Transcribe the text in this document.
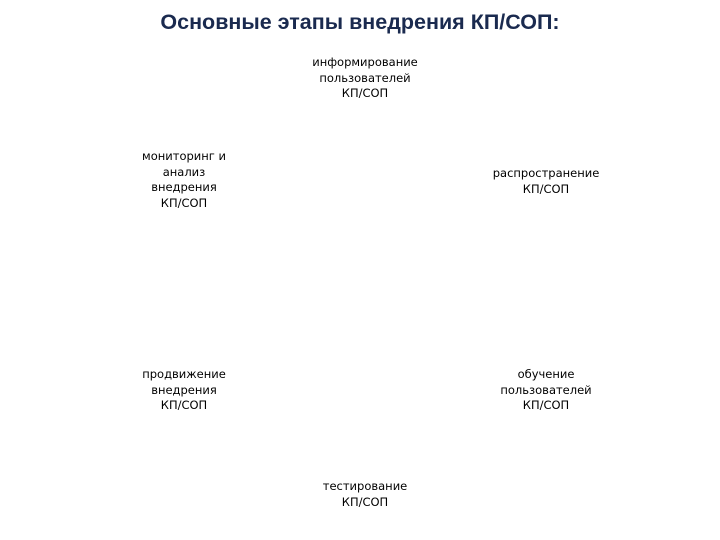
Основные этапы внедрения КП/СОП:
информирование
пользователей
КП/СОП
распространение
КП/СОП
мониторинг и
анализ
внедрения
КП/СОП
продвижение
внедрения
КП/СОП
обучение
пользователей
КП/СОП
тестирование
КП/СОП
